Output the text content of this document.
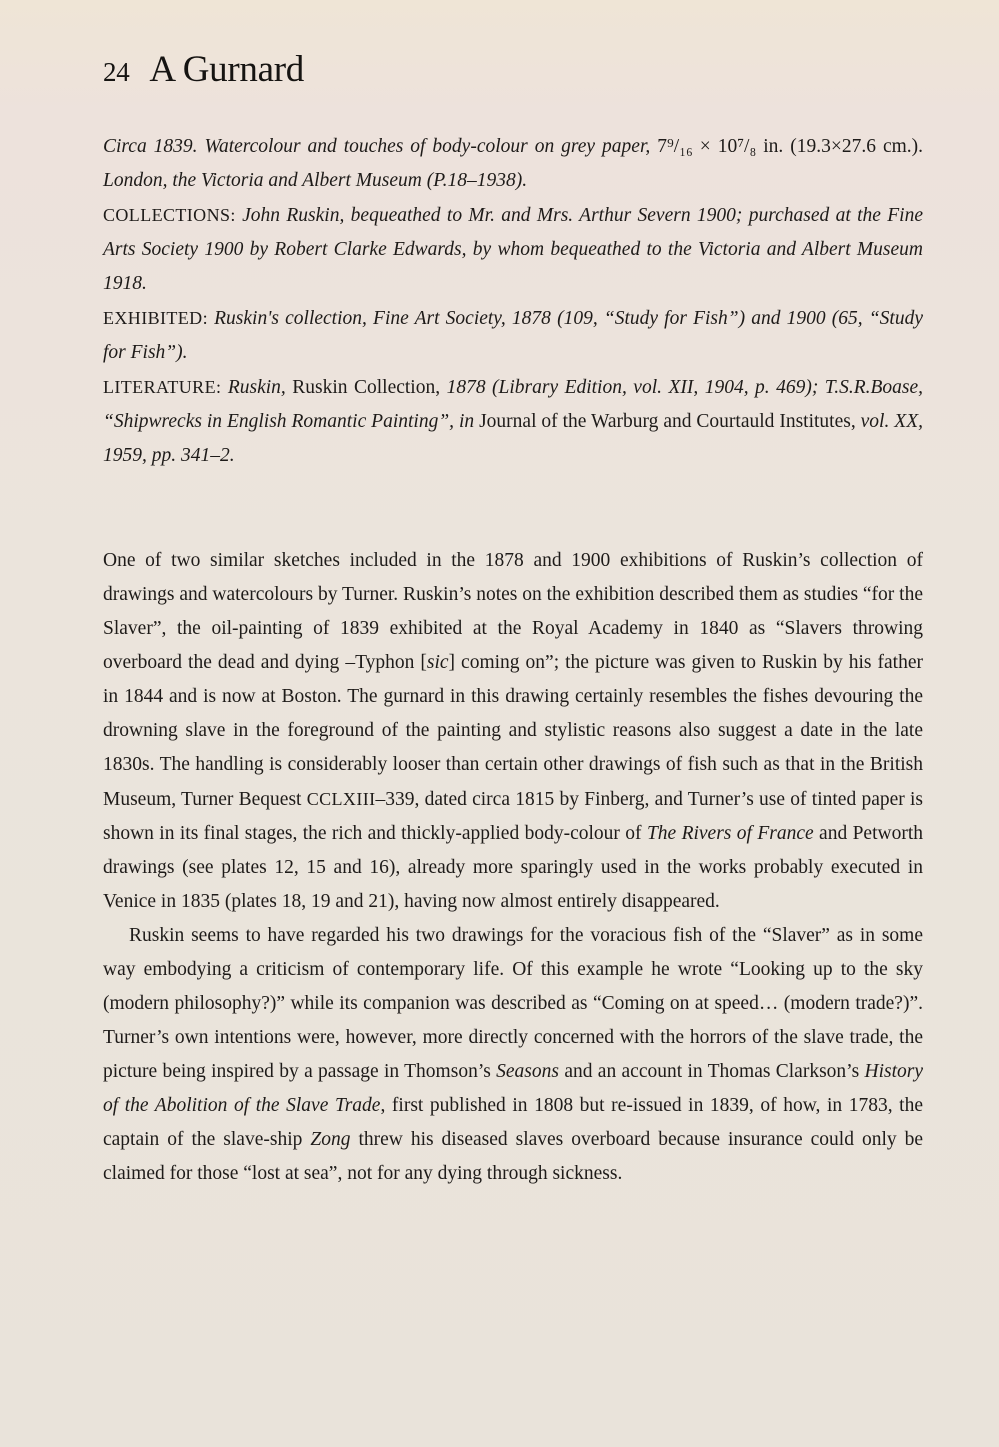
24 A Gurnard

Circa 1839. Watercolour and touches of body-colour on grey paper, 7⁹/₁₆ × 10⁷/₈ in. (19.3×27.6 cm.). London, the Victoria and Albert Museum (P.18–1938).

COLLECTIONS: John Ruskin, bequeathed to Mr. and Mrs. Arthur Severn 1900; purchased at the Fine Arts Society 1900 by Robert Clarke Edwards, by whom bequeathed to the Victoria and Albert Museum 1918.

EXHIBITED: Ruskin's collection, Fine Art Society, 1878 (109, “Study for Fish”) and 1900 (65, “Study for Fish”).

LITERATURE: Ruskin, Ruskin Collection, 1878 (Library Edition, vol. XII, 1904, p. 469); T.S.R.Boase, “Shipwrecks in English Romantic Painting”, in Journal of the Warburg and Courtauld Institutes, vol. XX, 1959, pp. 341–2.

One of two similar sketches included in the 1878 and 1900 exhibitions of Ruskin’s collection of drawings and watercolours by Turner. Ruskin’s notes on the exhibition described them as studies “for the Slaver”, the oil-painting of 1839 exhibited at the Royal Academy in 1840 as “Slavers throwing overboard the dead and dying –Typhon [sic] coming on”; the picture was given to Ruskin by his father in 1844 and is now at Boston. The gurnard in this drawing certainly resembles the fishes devouring the drowning slave in the foreground of the painting and stylistic reasons also suggest a date in the late 1830s. The handling is considerably looser than certain other drawings of fish such as that in the British Museum, Turner Bequest CCLXIII–339, dated circa 1815 by Finberg, and Turner’s use of tinted paper is shown in its final stages, the rich and thickly-applied body-colour of The Rivers of France and Petworth drawings (see plates 12, 15 and 16), already more sparingly used in the works probably executed in Venice in 1835 (plates 18, 19 and 21), having now almost entirely disappeared.

Ruskin seems to have regarded his two drawings for the voracious fish of the “Slaver” as in some way embodying a criticism of contemporary life. Of this example he wrote “Looking up to the sky (modern philosophy?)” while its companion was described as “Coming on at speed… (modern trade?)”. Turner’s own intentions were, however, more directly concerned with the horrors of the slave trade, the picture being inspired by a passage in Thomson’s Seasons and an account in Thomas Clarkson’s History of the Abolition of the Slave Trade, first published in 1808 but re-issued in 1839, of how, in 1783, the captain of the slave-ship Zong threw his diseased slaves overboard because insurance could only be claimed for those “lost at sea”, not for any dying through sickness.
